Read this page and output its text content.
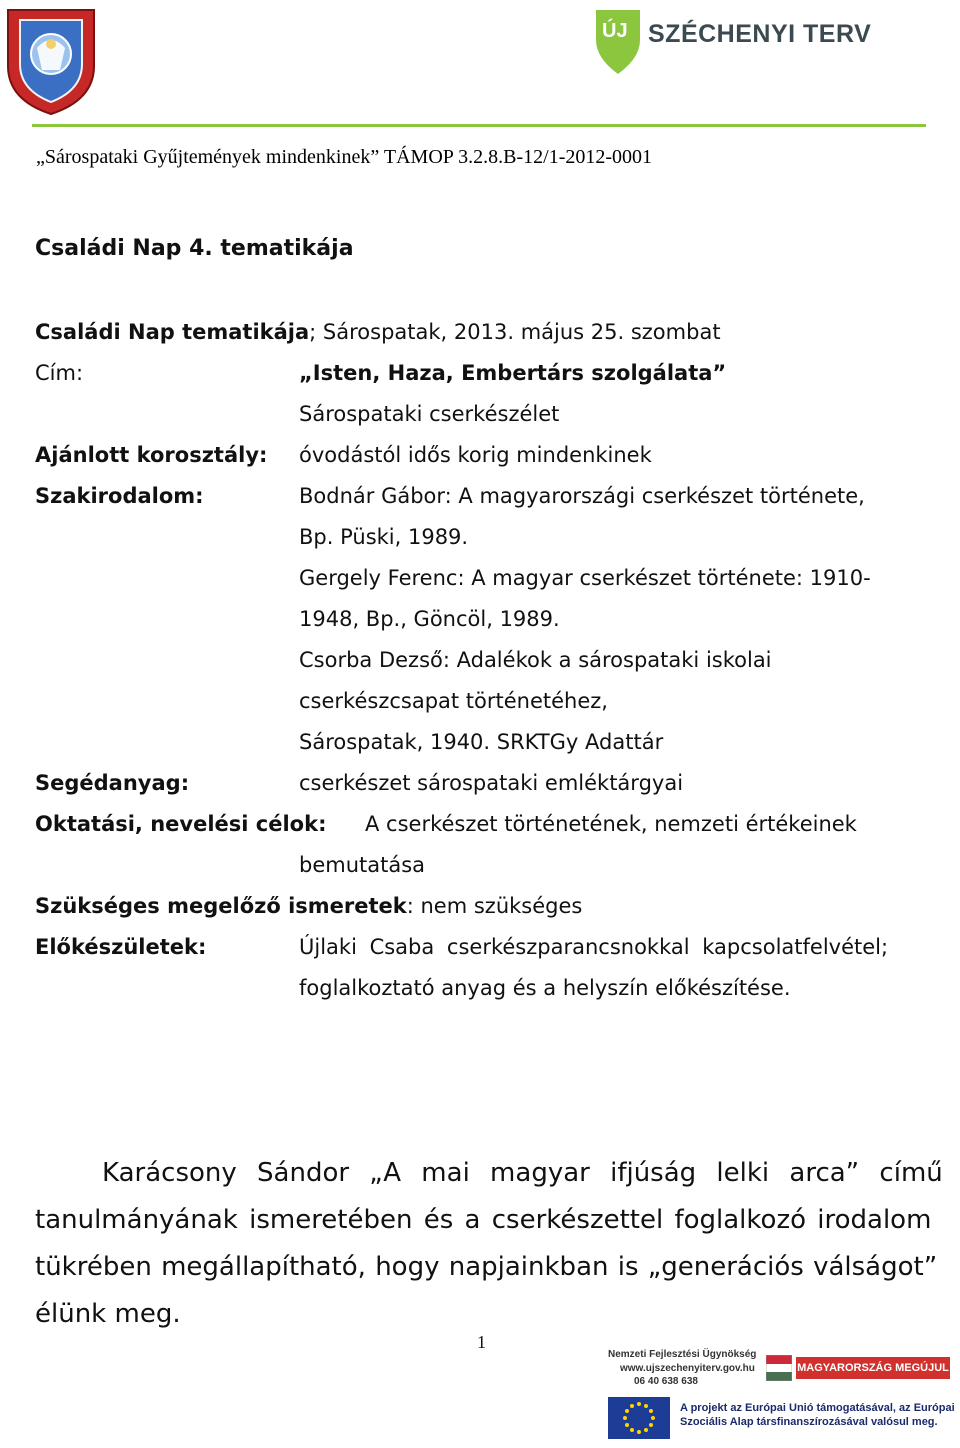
ÚJ SZÉCHENYI TERV
„Sárospataki Gyűjtemények mindenkinek” TÁMOP 3.2.8.B-12/1-2012-0001
Családi Nap 4. tematikája
Családi Nap tematikája; Sárospatak, 2013. május 25. szombat
Cím:	„Isten, Haza, Embertárs szolgálata”
Sárospataki cserkészélet
Ajánlott korosztály: óvodástól idős korig mindenkinek
Szakirodalom:	Bodnár Gábor: A magyarországi cserkészet története,
Bp. Püski, 1989.
Gergely Ferenc: A magyar cserkészet története: 1910-
1948, Bp., Göncöl, 1989.
Csorba Dezső: Adalékok a sárospataki iskolai
cserkészcsapat történetéhez,
Sárospatak, 1940. SRKTGy Adattár
Segédanyag:	cserkészet sárospataki emléktárgyai
Oktatási, nevelési célok: A cserkészet történetének, nemzeti értékeinek
bemutatása
Szükséges megelőző ismeretek: nem szükséges
Előkészületek:	Újlaki Csaba cserkészparancsnokkal kapcsolatfelvétel;
foglalkoztató anyag és a helyszín előkészítése.
Karácsony Sándor „A mai magyar ifjúság lelki arca” című
tanulmányának ismeretében és a cserkészettel foglalkozó irodalom
tükrében megállapítható, hogy napjainkban is „generációs válságot”
élünk meg.
1
Nemzeti Fejlesztési Ügynökség
www.ujszechenyiterv.gov.hu
06 40 638 638
MAGYARORSZÁG MEGÚJUL
A projekt az Európai Unió támogatásával, az Európai
Szociális Alap társfinanszírozásával valósul meg.
